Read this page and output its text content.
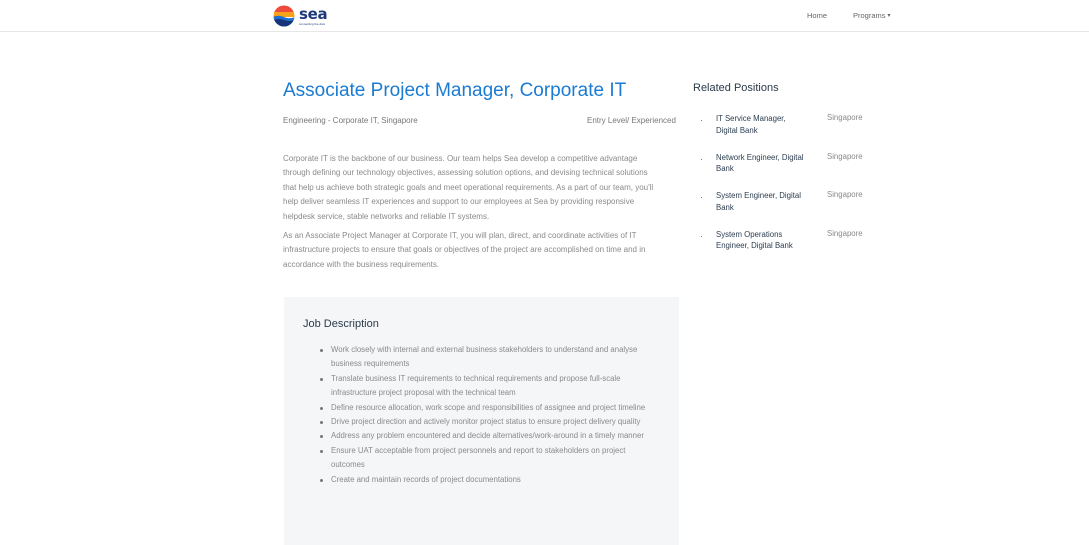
sea
connecting the dots
Home	Programs ▾
Associate Project Manager, Corporate IT
Engineering - Corporate IT, Singapore	Entry Level/ Experienced

Corporate IT is the backbone of our business. Our team helps Sea develop a competitive advantage through defining our technology objectives, assessing solution options, and devising technical solutions that help us achieve both strategic goals and meet operational requirements. As a part of our team, you'll help deliver seamless IT experiences and support to our employees at Sea by providing responsive helpdesk service, stable networks and reliable IT systems.

As an Associate Project Manager at Corporate IT, you will plan, direct, and coordinate activities of IT infrastructure projects to ensure that goals or objectives of the project are accomplished on time and in accordance with the business requirements.

Job Description
Work closely with internal and external business stakeholders to understand and analyse business requirements
Translate business IT requirements to technical requirements and propose full-scale infrastructure project proposal with the technical team
Define resource allocation, work scope and responsibilities of assignee and project timeline
Drive project direction and actively monitor project status to ensure project delivery quality
Address any problem encountered and decide alternatives/work-around in a timely manner
Ensure UAT acceptable from project personnels and report to stakeholders on project outcomes
Create and maintain records of project documentations
Related Positions
· IT Service Manager, Digital Bank
Singapore
· Network Engineer, Digital Bank
Singapore
· System Engineer, Digital Bank
Singapore
· System Operations Engineer, Digital Bank
Singapore
